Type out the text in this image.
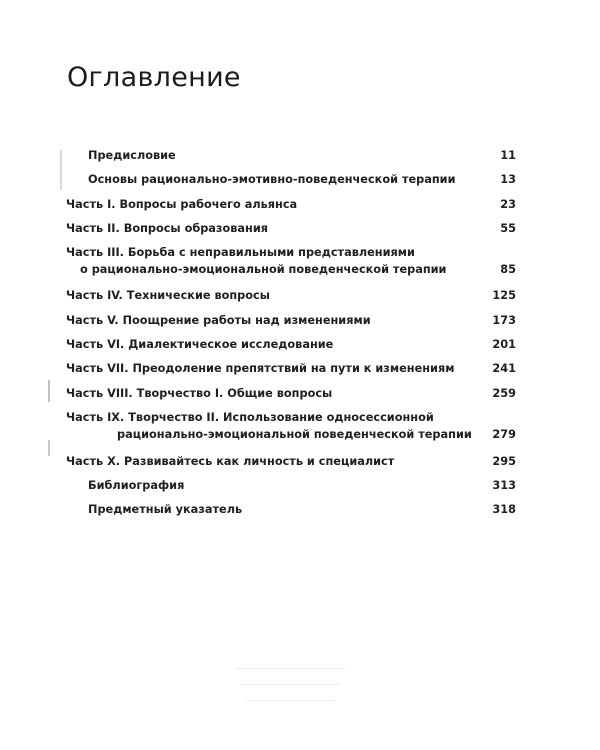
Оглавление
Предисловие	11
Основы рационально-эмотивно-поведенческой терапии	13
Часть I. Вопросы рабочего альянса	23
Часть II. Вопросы образования	55
Часть III. Борьба с неправильными представлениями
о рационально-эмоциональной поведенческой терапии	85
Часть IV. Технические вопросы	125
Часть V. Поощрение работы над изменениями	173
Часть VI. Диалектическое исследование	201
Часть VII. Преодоление препятствий на пути к изменениям	241
Часть VIII. Творчество I. Общие вопросы	259
Часть IX. Творчество II. Использование односессионной
рационально-эмоциональной поведенческой терапии	279
Часть X. Развивайтесь как личность и специалист	295
Библиография	313
Предметный указатель	318
